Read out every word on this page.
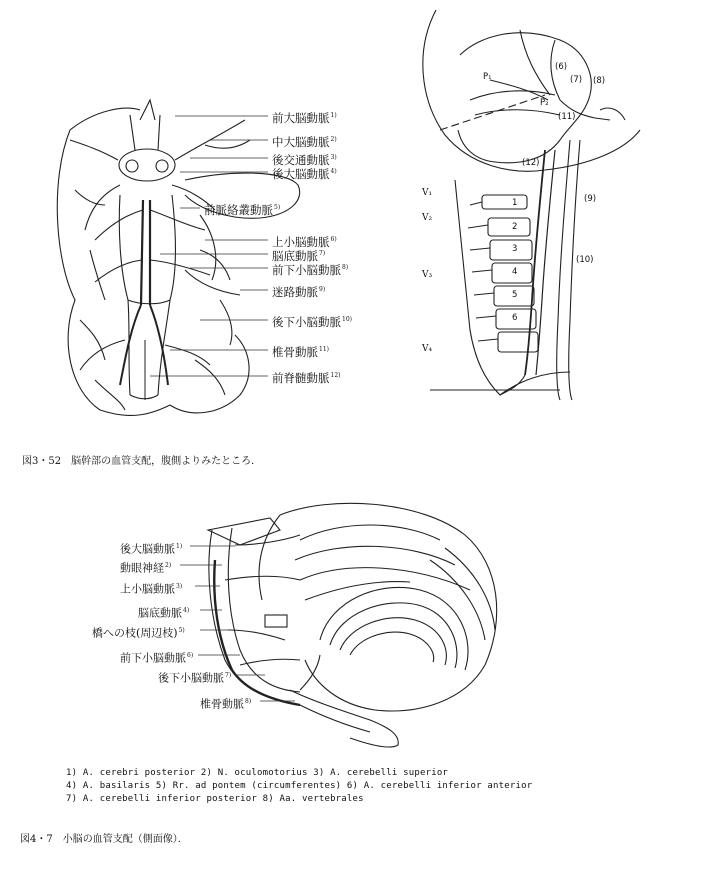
前大脳動脈$^{1)}$
中大脳動脈$^{2)}$
後交通動脈$^{3)}$
後大脳動脈$^{4)}$
前脈絡叢動脈$^{5)}$
上小脳動脈$^{6)}$
脳底動脈$^{7)}$
前下小脳動脈$^{8)}$
迷路動脈$^{9)}$
後下小脳動脈$^{10)}$
椎骨動脈$^{11)}$
前脊髄動脈$^{12)}$
図3・52　脳幹部の血管支配，腹側よりみたところ．
V₁
V₂
V₃
V₄
1
2
3
4
5
6
(6)
(7) (8)
(9)
(10)
(11)
(12)
P₁
P₂
後大脳動脈$^{1)}$
動眼神経$^{2)}$
上小脳動脈$^{3)}$
脳底動脈$^{4)}$
橋への枝(周辺枝)$^{5)}$
前下小脳動脈$^{6)}$
後下小脳動脈$^{7)}$
椎骨動脈$^{8)}$
1) A. cerebri posterior 2) N. oculomotorius 3) A. cerebelli superior
4) A. basilaris 5) Rr. ad pontem (circumferentes) 6) A. cerebelli inferior anterior
7) A. cerebelli inferior posterior 8) Aa. vertebrales
図4・7　小脳の血管支配（側面像）．
